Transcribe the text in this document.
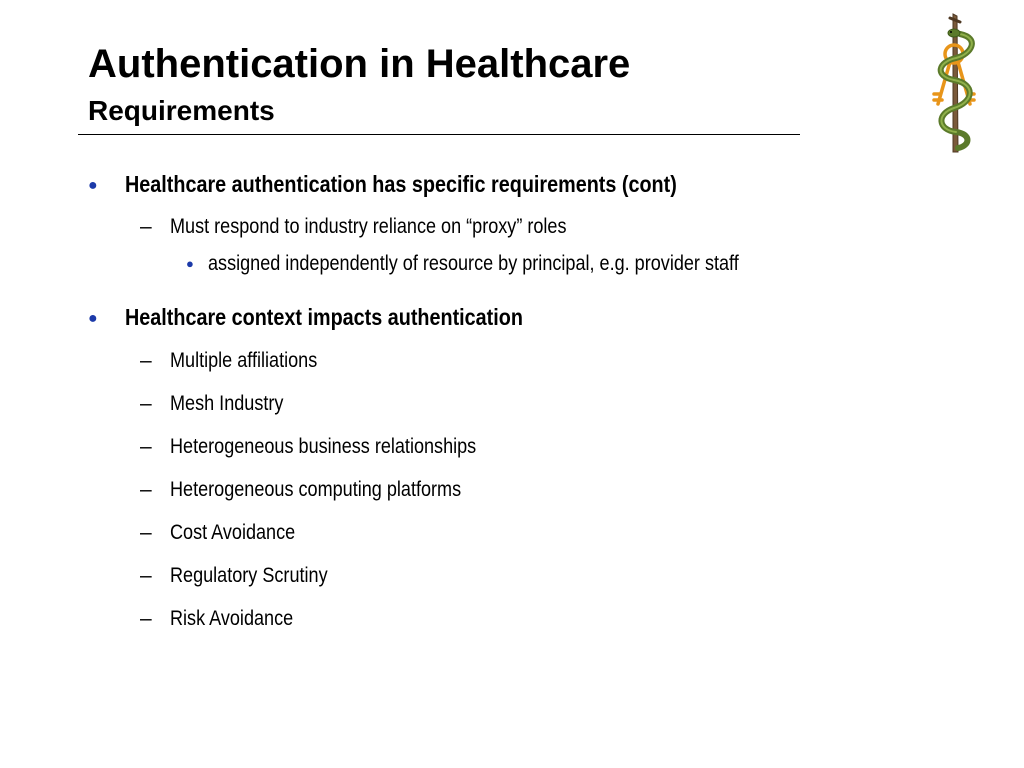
Authentication in Healthcare
Requirements
● Healthcare authentication has specific requirements (cont)
– Must respond to industry reliance on “proxy” roles
● assigned independently of resource by principal, e.g. provider staff
● Healthcare context impacts authentication
– Multiple affiliations
– Mesh Industry
– Heterogeneous business relationships
– Heterogeneous computing platforms
– Cost Avoidance
– Regulatory Scrutiny
– Risk Avoidance
